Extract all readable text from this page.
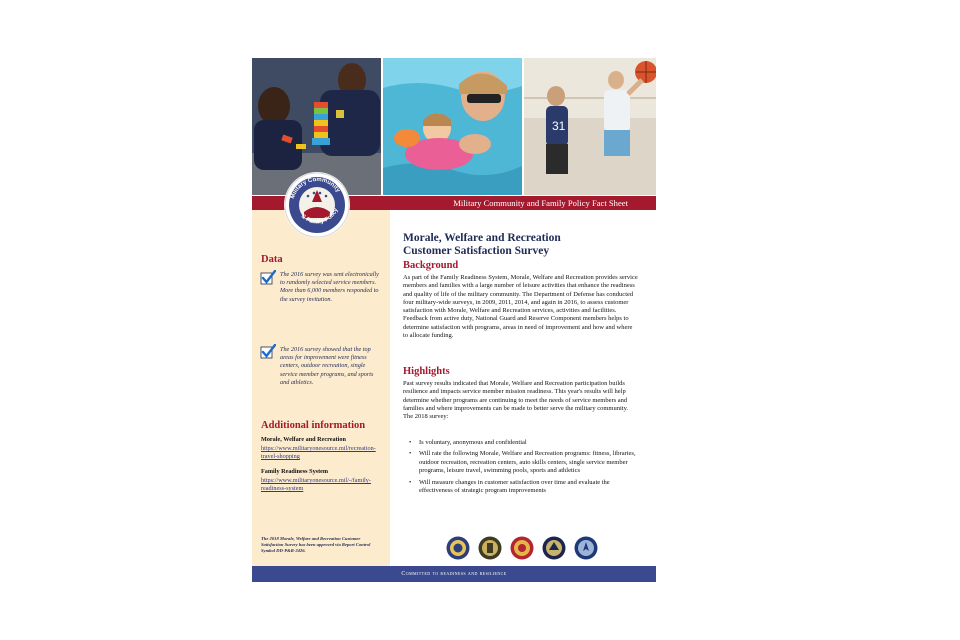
31
Military Community
& Family Policy
Military Community and Family Policy Fact Sheet
Data
The 2016 survey was sent electronically to randomly selected service members. More than 6,000 members responded to the survey invitation.
The 2016 survey showed that the top areas for improvement were fitness centers, outdoor recreation, single service member programs, and sports and athletics.
Additional information
Morale, Welfare and Recreation
https://www.militaryonesource.mil/recreation-travel-shopping
Family Readiness System
https://www.militaryonesource.mil/-/family-readiness-system
The 2018 Morale, Welfare and Recreation Customer Satisfaction Survey has been approved via Report Control Symbol DD-P&R-2426.
Morale, Welfare and Recreation
Customer Satisfaction Survey
Background
As part of the Family Readiness System, Morale, Welfare and Recreation provides service members and families with a large number of leisure activities that enhance the readiness and quality of life of the military community. The Department of Defense has conducted four military-wide surveys, in 2009, 2011, 2014, and again in 2016, to assess customer satisfaction with Morale, Welfare and Recreation services, activities and facilities. Feedback from active duty, National Guard and Reserve Component members helps to determine satisfaction with programs, areas in need of improvement and how and where to allocate funding.
Highlights
Past survey results indicated that Morale, Welfare and Recreation participation builds resilience and impacts service member mission readiness. This year's results will help determine whether programs are continuing to meet the needs of service members and families and where improvements can be made to better serve the military community. The 2018 survey:
• Is voluntary, anonymous and confidential
• Will rate the following Morale, Welfare and Recreation programs: fitness, libraries, outdoor recreation, recreation centers, auto skills centers, single service member programs, leisure travel, swimming pools, sports and athletics
• Will measure changes in customer satisfaction over time and evaluate the effectiveness of strategic program improvements
Committed to readiness and resilience
